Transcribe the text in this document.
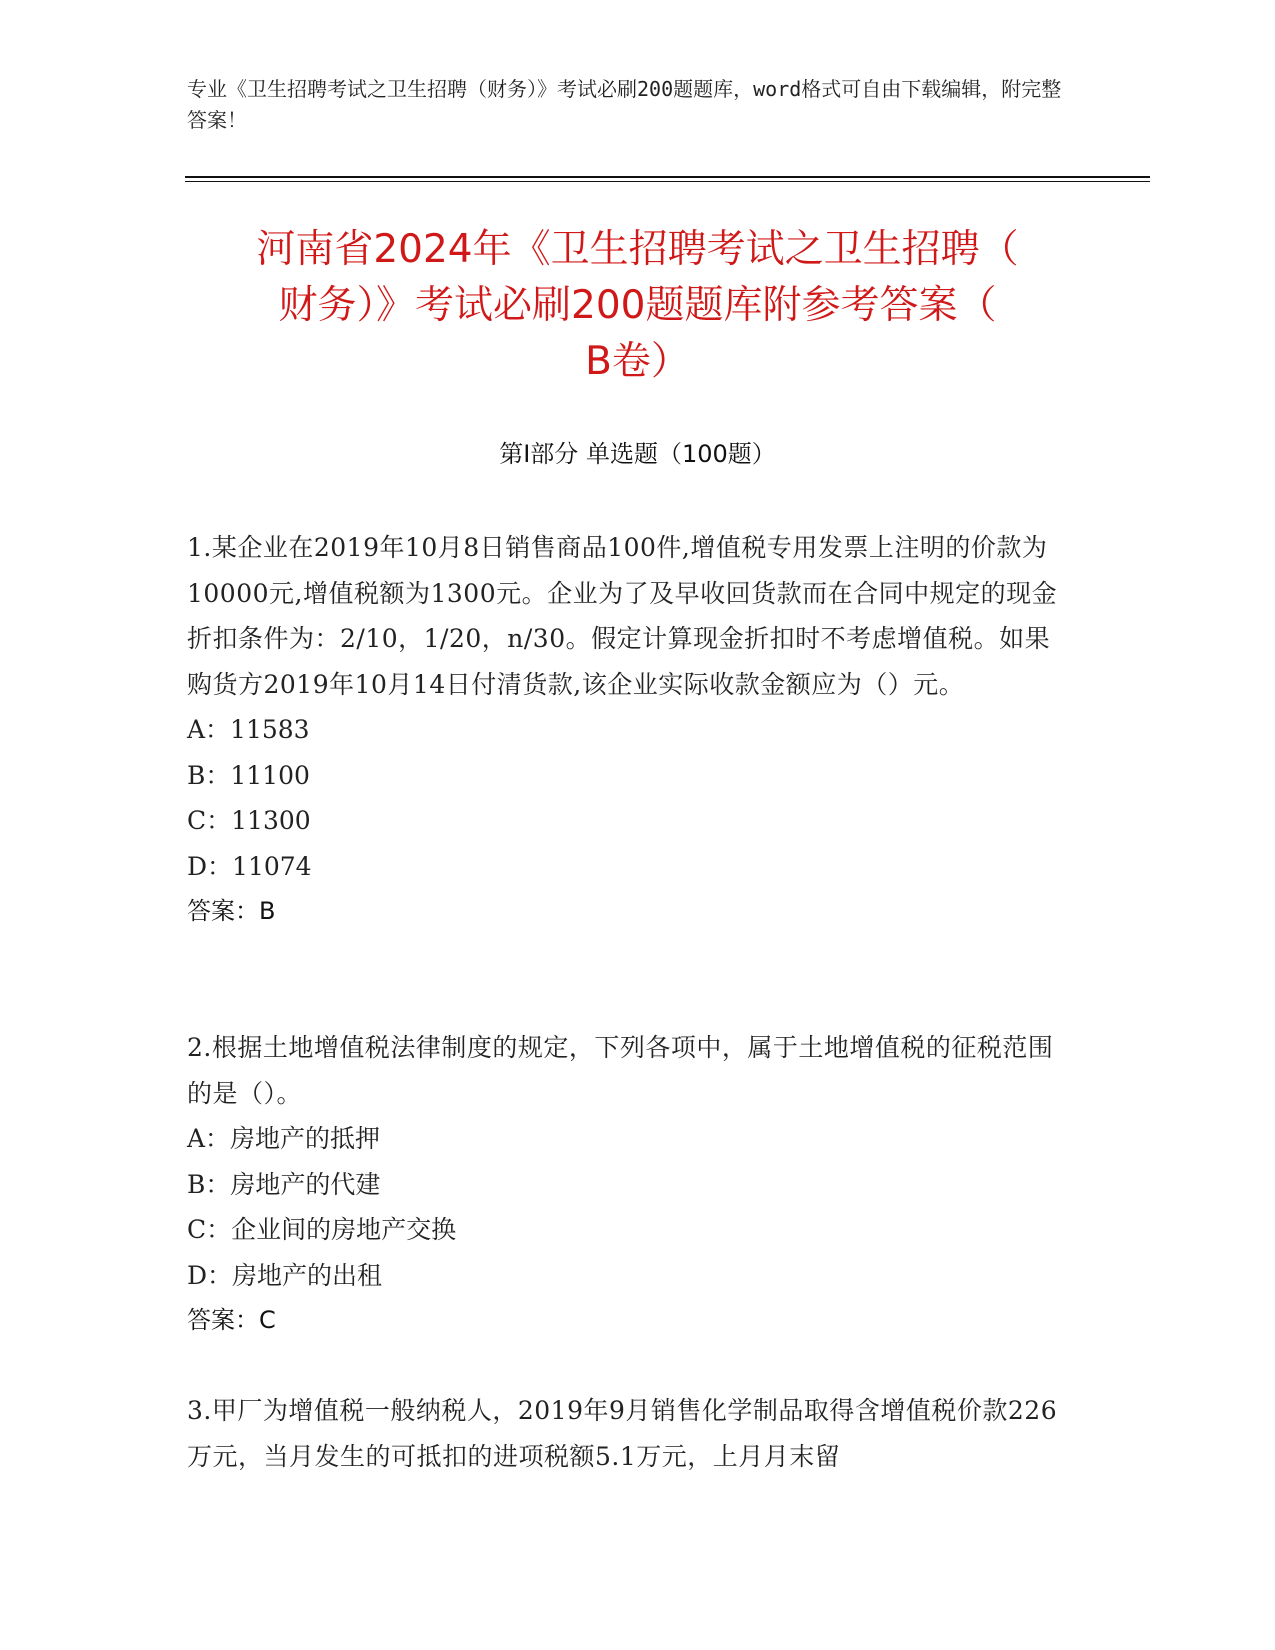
专业《卫生招聘考试之卫生招聘（财务）》考试必刷200题题库，word格式可自由下载编辑，附完整答案！
河南省2024年《卫生招聘考试之卫生招聘（
财务）》考试必刷200题题库附参考答案（
B卷）
第Ⅰ部分 单选题（100题）
1.某企业在2019年10月8日销售商品100件,增值税专用发票上注明的价款为10000元,增值税额为1300元。企业为了及早收回货款而在合同中规定的现金折扣条件为：2/10，1/20，n/30。假定计算现金折扣时不考虑增值税。如果购货方2019年10月14日付清货款,该企业实际收款金额应为（）元。
A：11583
B：11100
C：11300
D：11074
答案：B
2.根据土地增值税法律制度的规定，下列各项中，属于土地增值税的征税范围的是（）。
A：房地产的抵押
B：房地产的代建
C：企业间的房地产交换
D：房地产的出租
答案：C
3.甲厂为增值税一般纳税人，2019年9月销售化学制品取得含增值税价款226万元，当月发生的可抵扣的进项税额5.1万元，上月月末留
